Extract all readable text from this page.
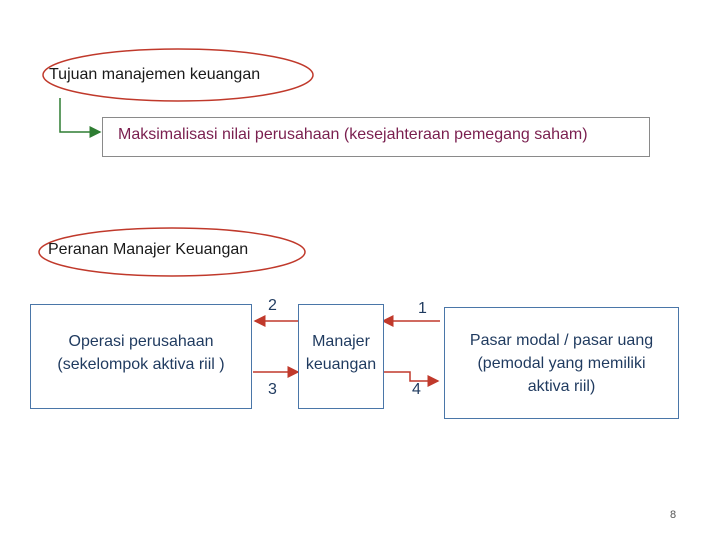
Tujuan manajemen keuangan
Maksimalisasi nilai perusahaan (kesejahteraan pemegang saham)
Peranan Manajer Keuangan
Operasi perusahaan
(sekelompok aktiva riil )
Manajer
keuangan
Pasar modal / pasar uang
(pemodal yang memiliki
aktiva riil)
2
3
1
4
8
